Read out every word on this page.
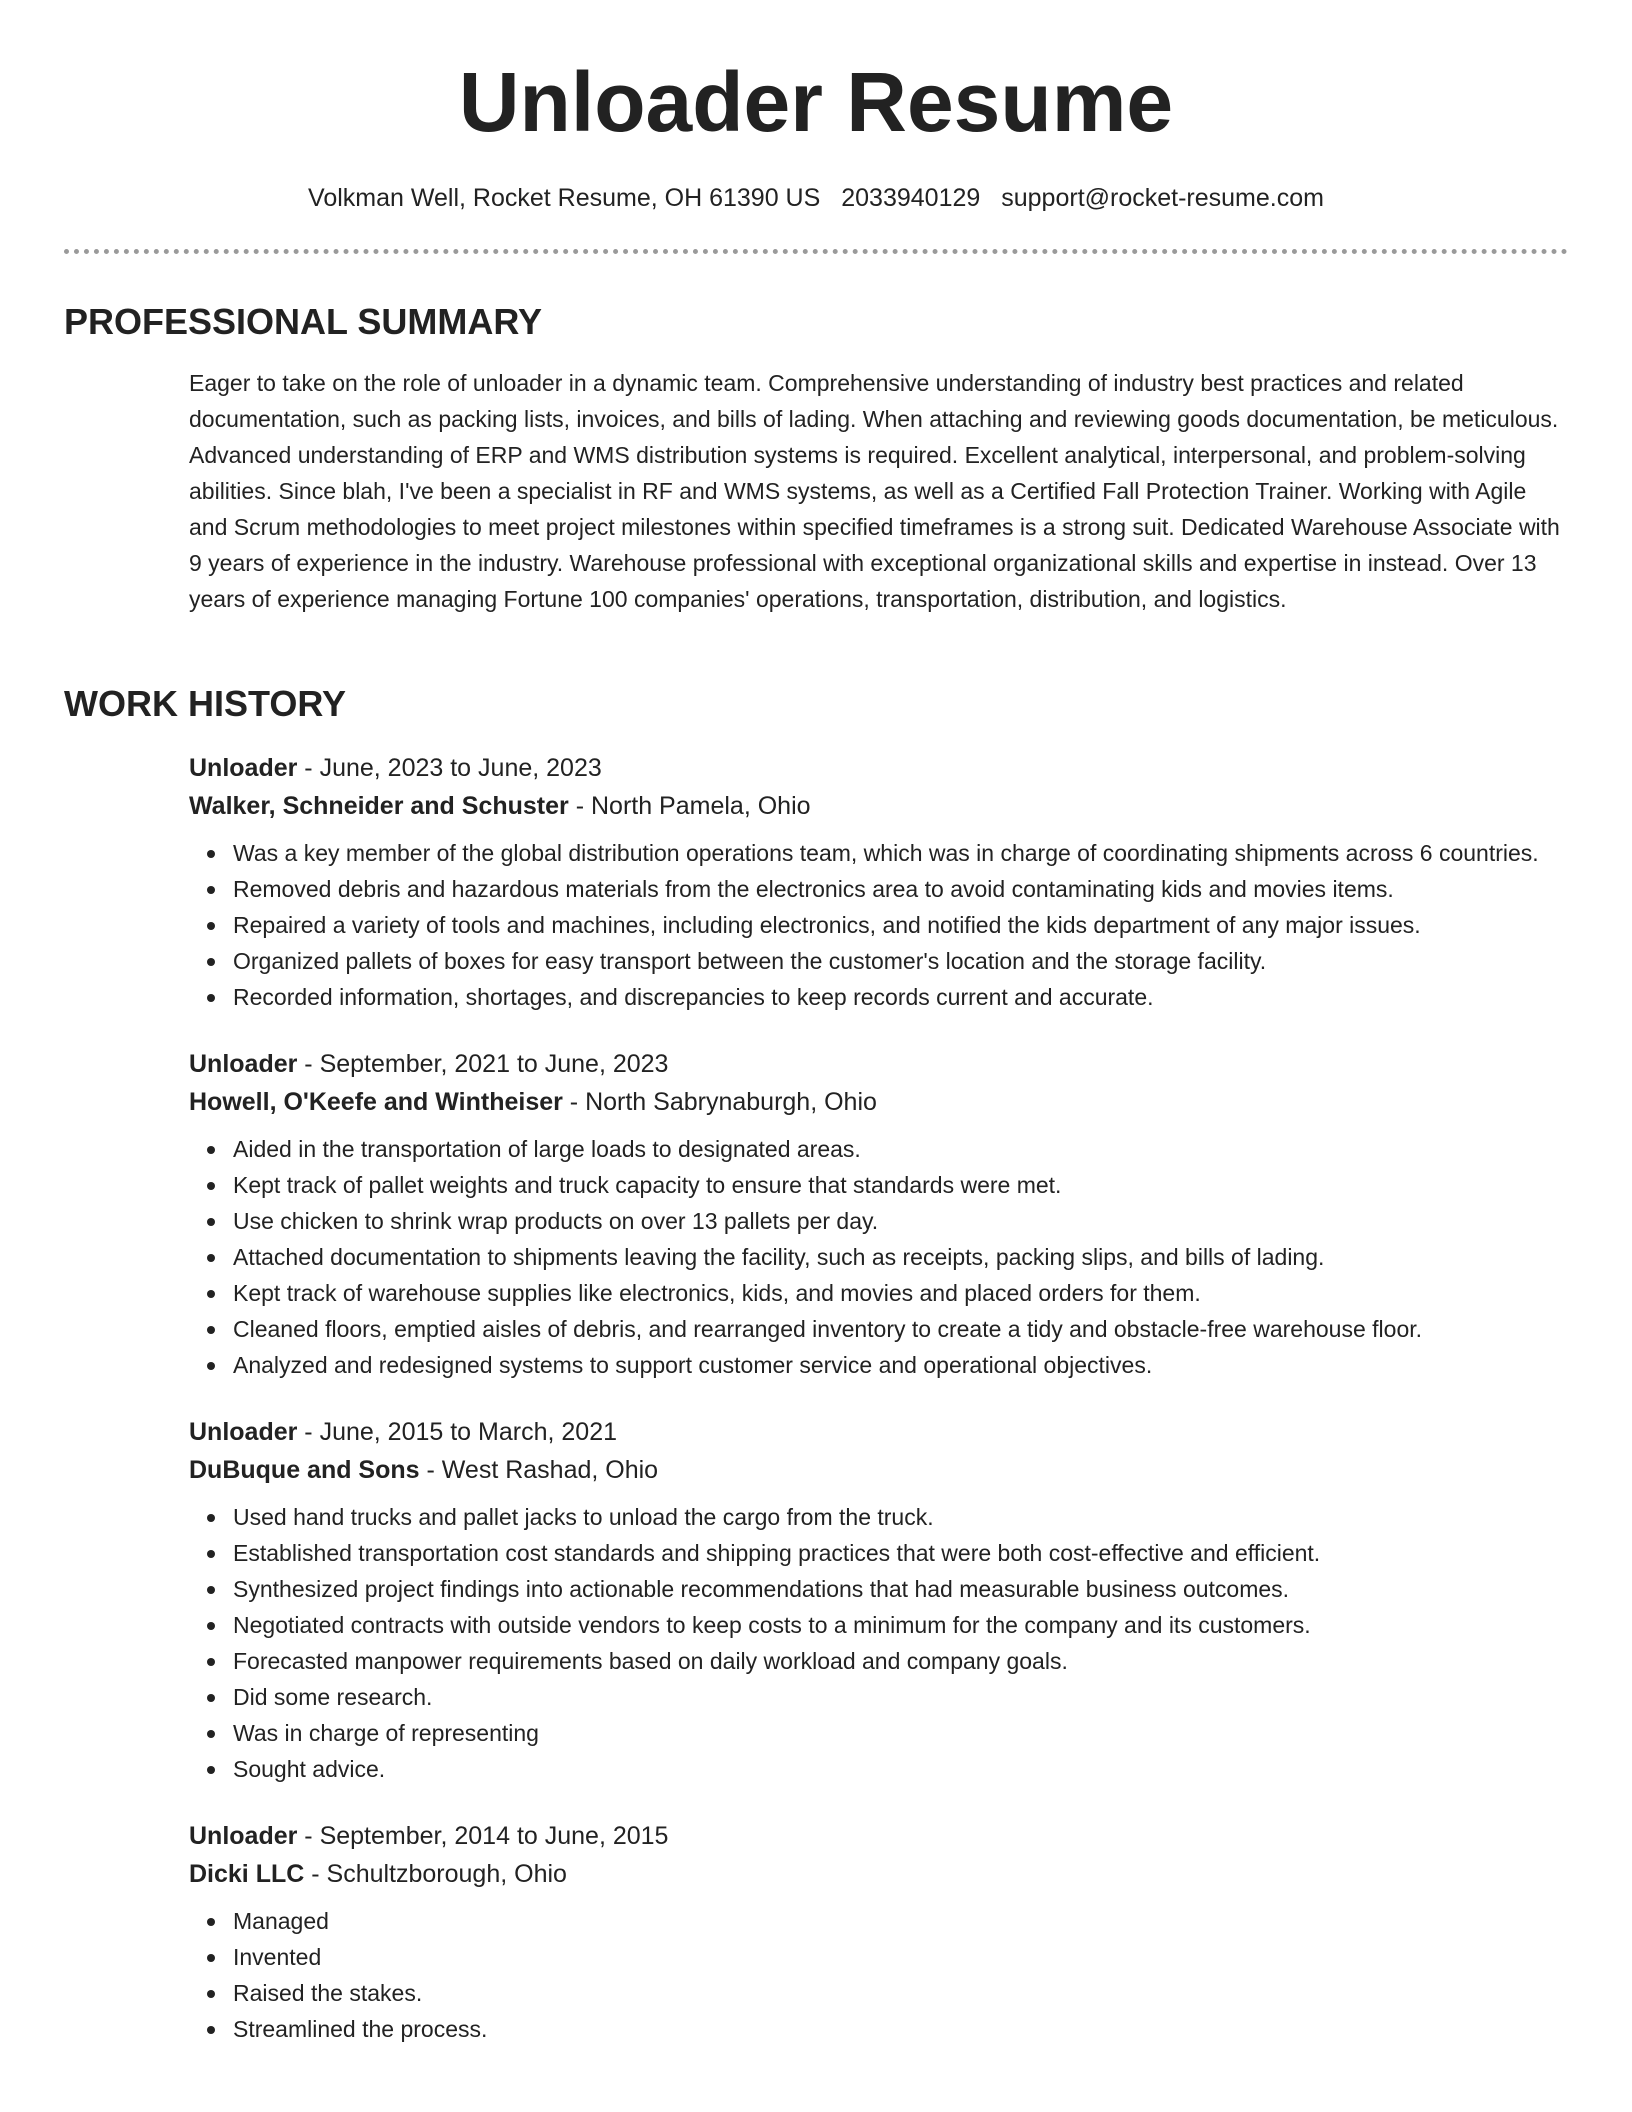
Unloader Resume
Volkman Well, Rocket Resume, OH 61390 US 2033940129 support@rocket-resume.com
PROFESSIONAL SUMMARY

Eager to take on the role of unloader in a dynamic team. Comprehensive understanding of industry best practices and related documentation, such as packing lists, invoices, and bills of lading. When attaching and reviewing goods documentation, be meticulous. Advanced understanding of ERP and WMS distribution systems is required. Excellent analytical, interpersonal, and problem-solving abilities. Since blah, I've been a specialist in RF and WMS systems, as well as a Certified Fall Protection Trainer. Working with Agile and Scrum methodologies to meet project milestones within specified timeframes is a strong suit. Dedicated Warehouse Associate with 9 years of experience in the industry. Warehouse professional with exceptional organizational skills and expertise in instead. Over 13 years of experience managing Fortune 100 companies' operations, transportation, distribution, and logistics.

WORK HISTORY

Unloader - June, 2023 to June, 2023

Walker, Schneider and Schuster - North Pamela, Ohio

Was a key member of the global distribution operations team, which was in charge of coordinating shipments across 6 countries.
Removed debris and hazardous materials from the electronics area to avoid contaminating kids and movies items.
Repaired a variety of tools and machines, including electronics, and notified the kids department of any major issues.
Organized pallets of boxes for easy transport between the customer's location and the storage facility.
Recorded information, shortages, and discrepancies to keep records current and accurate.

Unloader - September, 2021 to June, 2023

Howell, O'Keefe and Wintheiser - North Sabrynaburgh, Ohio

Aided in the transportation of large loads to designated areas.
Kept track of pallet weights and truck capacity to ensure that standards were met.
Use chicken to shrink wrap products on over 13 pallets per day.
Attached documentation to shipments leaving the facility, such as receipts, packing slips, and bills of lading.
Kept track of warehouse supplies like electronics, kids, and movies and placed orders for them.
Cleaned floors, emptied aisles of debris, and rearranged inventory to create a tidy and obstacle-free warehouse floor.
Analyzed and redesigned systems to support customer service and operational objectives.

Unloader - June, 2015 to March, 2021

DuBuque and Sons - West Rashad, Ohio

Used hand trucks and pallet jacks to unload the cargo from the truck.
Established transportation cost standards and shipping practices that were both cost-effective and efficient.
Synthesized project findings into actionable recommendations that had measurable business outcomes.
Negotiated contracts with outside vendors to keep costs to a minimum for the company and its customers.
Forecasted manpower requirements based on daily workload and company goals.
Did some research.
Was in charge of representing
Sought advice.

Unloader - September, 2014 to June, 2015

Dicki LLC - Schultzborough, Ohio

Managed
Invented
Raised the stakes.
Streamlined the process.
